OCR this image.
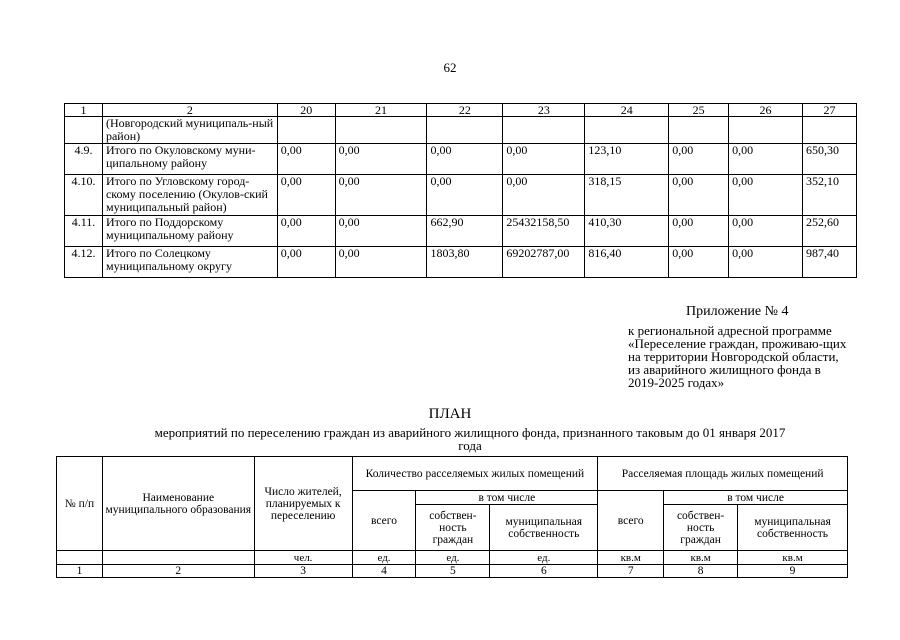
62
1	2	20	21	22	23	24	25	26	27
	(Новгородский муниципаль-ный район)								
4.9.	Итого по Окуловскому муни-ципальному району	0,00	0,00	0,00	0,00	123,10	0,00	0,00	650,30
4.10.	Итого по Угловскому город-скому поселению (Окулов-ский муниципальный район)	0,00	0,00	0,00	0,00	318,15	0,00	0,00	352,10
4.11.	Итого по Поддорскому муниципальному району	0,00	0,00	662,90	25432158,50	410,30	0,00	0,00	252,60
4.12.	Итого по Солецкому муниципальному округу	0,00	0,00	1803,80	69202787,00	816,40	0,00	0,00	987,40
Приложение № 4
к региональной адресной программе «Переселение граждан, проживаю-щих на территории Новгородской области, из аварийного жилищного фонда в 2019-2025 годах»
ПЛАН
мероприятий по переселению граждан из аварийного жилищного фонда, признанного таковым до 01 января 2017 года
№ п/п	Наименование муниципального образования	Число жителей, планируемых к переселению	Количество расселяемых жилых помещений			Расселяемая площадь жилых помещений		
			всего	в том числе		всего	в том числе	
				собствен-ность граждан	муниципальная собственность		собствен-ность граждан	муниципальная собственность
		чел.	ед.	ед.	ед.	кв.м	кв.м	кв.м
1	2	3	4	5	6	7	8	9
